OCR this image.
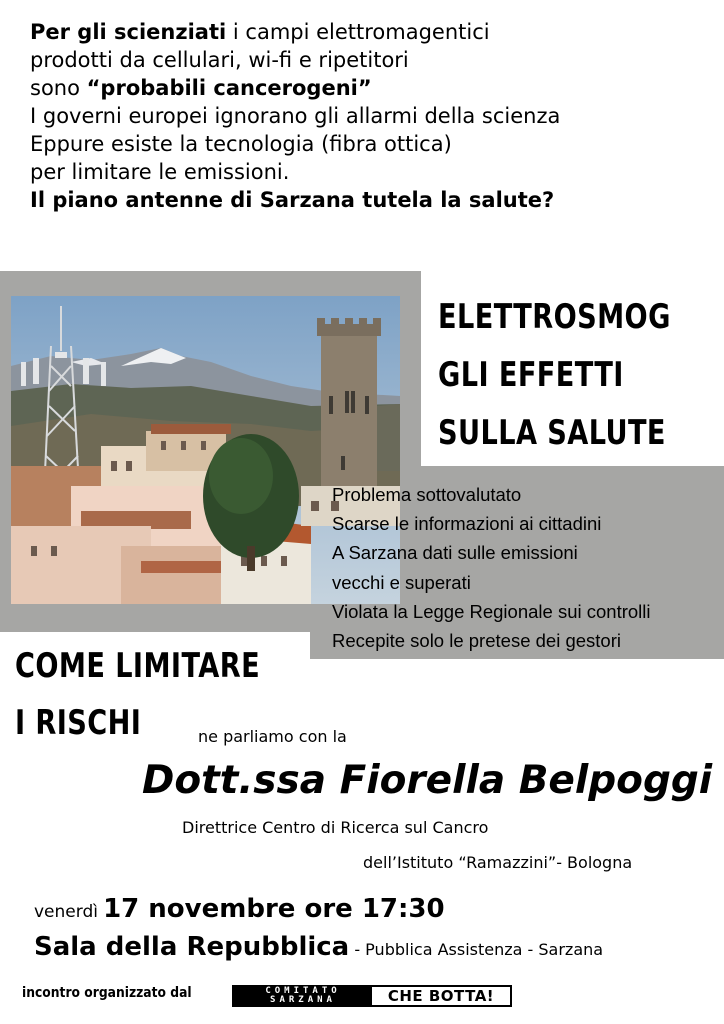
Per gli scienziati i campi elettromagentici
prodotti da cellulari, wi-fi e ripetitori
sono “probabili cancerogeni”
I governi europei ignorano gli allarmi della scienza
Eppure esiste la tecnologia (fibra ottica)
per limitare le emissioni.
Il piano antenne di Sarzana tutela la salute?
ELETTROSMOG
GLI EFFETTI
SULLA SALUTE
Problema sottovalutato
Scarse le informazioni ai cittadini
A Sarzana dati sulle emissioni
vecchi e superati
Violata la Legge Regionale sui controlli
Recepite solo le pretese dei gestori
COME LIMITARE
I RISCHI	ne parliamo con la
Dott.ssa Fiorella Belpoggi
Direttrice Centro di Ricerca sul Cancro
dell’Istituto “Ramazzini”- Bologna
venerdì 17 novembre ore 17:30
Sala della Repubblica - Pubblica Assistenza - Sarzana
incontro organizzato dal	COMITATO
SARZANA	CHE BOTTA!
